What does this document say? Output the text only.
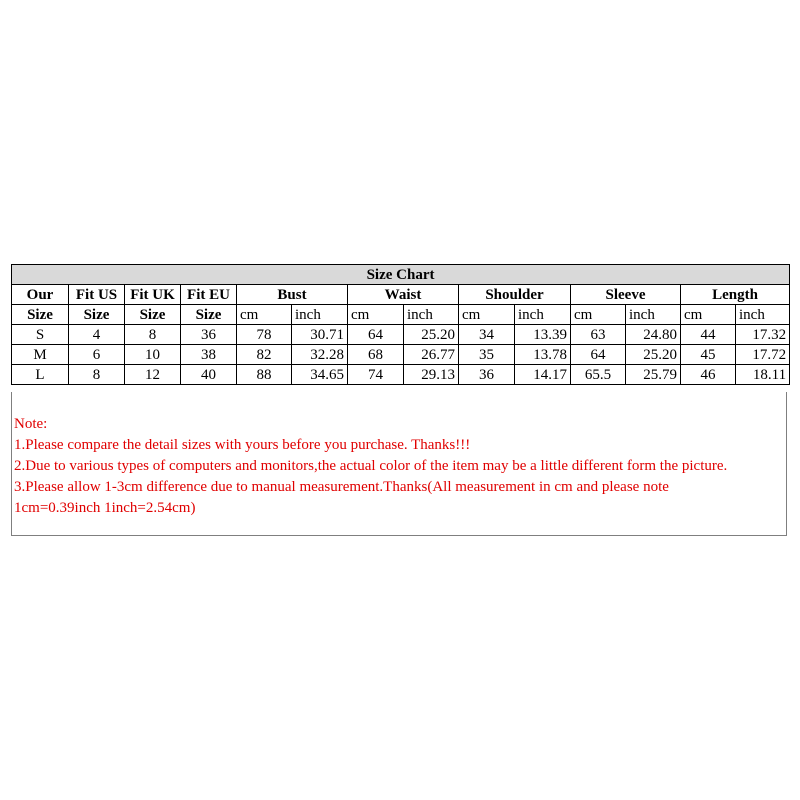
Size Chart													
Our	Fit US	Fit UK	Fit EU	Bust		Waist		Shoulder		Sleeve		Length	
Size	Size	Size	Size	cm	inch	cm	inch	cm	inch	cm	inch	cm	inch
S	4	8	36	78	30.71	64	25.20	34	13.39	63	24.80	44	17.32
M	6	10	38	82	32.28	68	26.77	35	13.78	64	25.20	45	17.72
L	8	12	40	88	34.65	74	29.13	36	14.17	65.5	25.79	46	18.11
Note:
1.Please compare the detail sizes with yours before you purchase. Thanks!!!
2.Due to various types of computers and monitors,the actual color of the item may be a little different form the picture.
3.Please allow 1-3cm difference due to manual measurement.Thanks(All measurement in cm and please note
1cm=0.39inch 1inch=2.54cm)
